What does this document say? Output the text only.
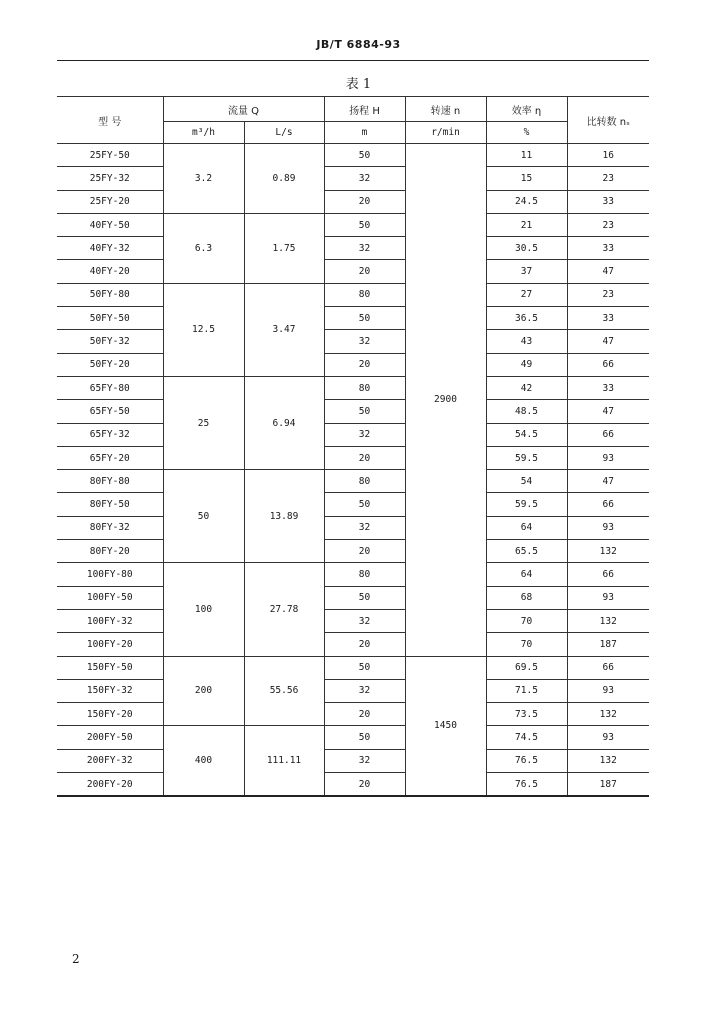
JB/T 6884-93
表 1
型 号	流量 Q		扬程 H	转速 n	效率 η	比转数 nₛ
	m³/h	L/s	m	r/min	%	
25FY-50	3.2	0.89	50	2900	11	16
25FY-32			32		15	23
25FY-20			20		24.5	33
40FY-50	6.3	1.75	50		21	23
40FY-32			32		30.5	33
40FY-20			20		37	47
50FY-80	12.5	3.47	80		27	23
50FY-50			50		36.5	33
50FY-32			32		43	47
50FY-20			20		49	66
65FY-80	25	6.94	80		42	33
65FY-50			50		48.5	47
65FY-32			32		54.5	66
65FY-20			20		59.5	93
80FY-80	50	13.89	80		54	47
80FY-50			50		59.5	66
80FY-32			32		64	93
80FY-20			20		65.5	132
100FY-80	100	27.78	80		64	66
100FY-50			50		68	93
100FY-32			32		70	132
100FY-20			20		70	187
150FY-50	200	55.56	50	1450	69.5	66
150FY-32			32		71.5	93
150FY-20			20		73.5	132
200FY-50	400	111.11	50		74.5	93
200FY-32			32		76.5	132
200FY-20			20		76.5	187
2
